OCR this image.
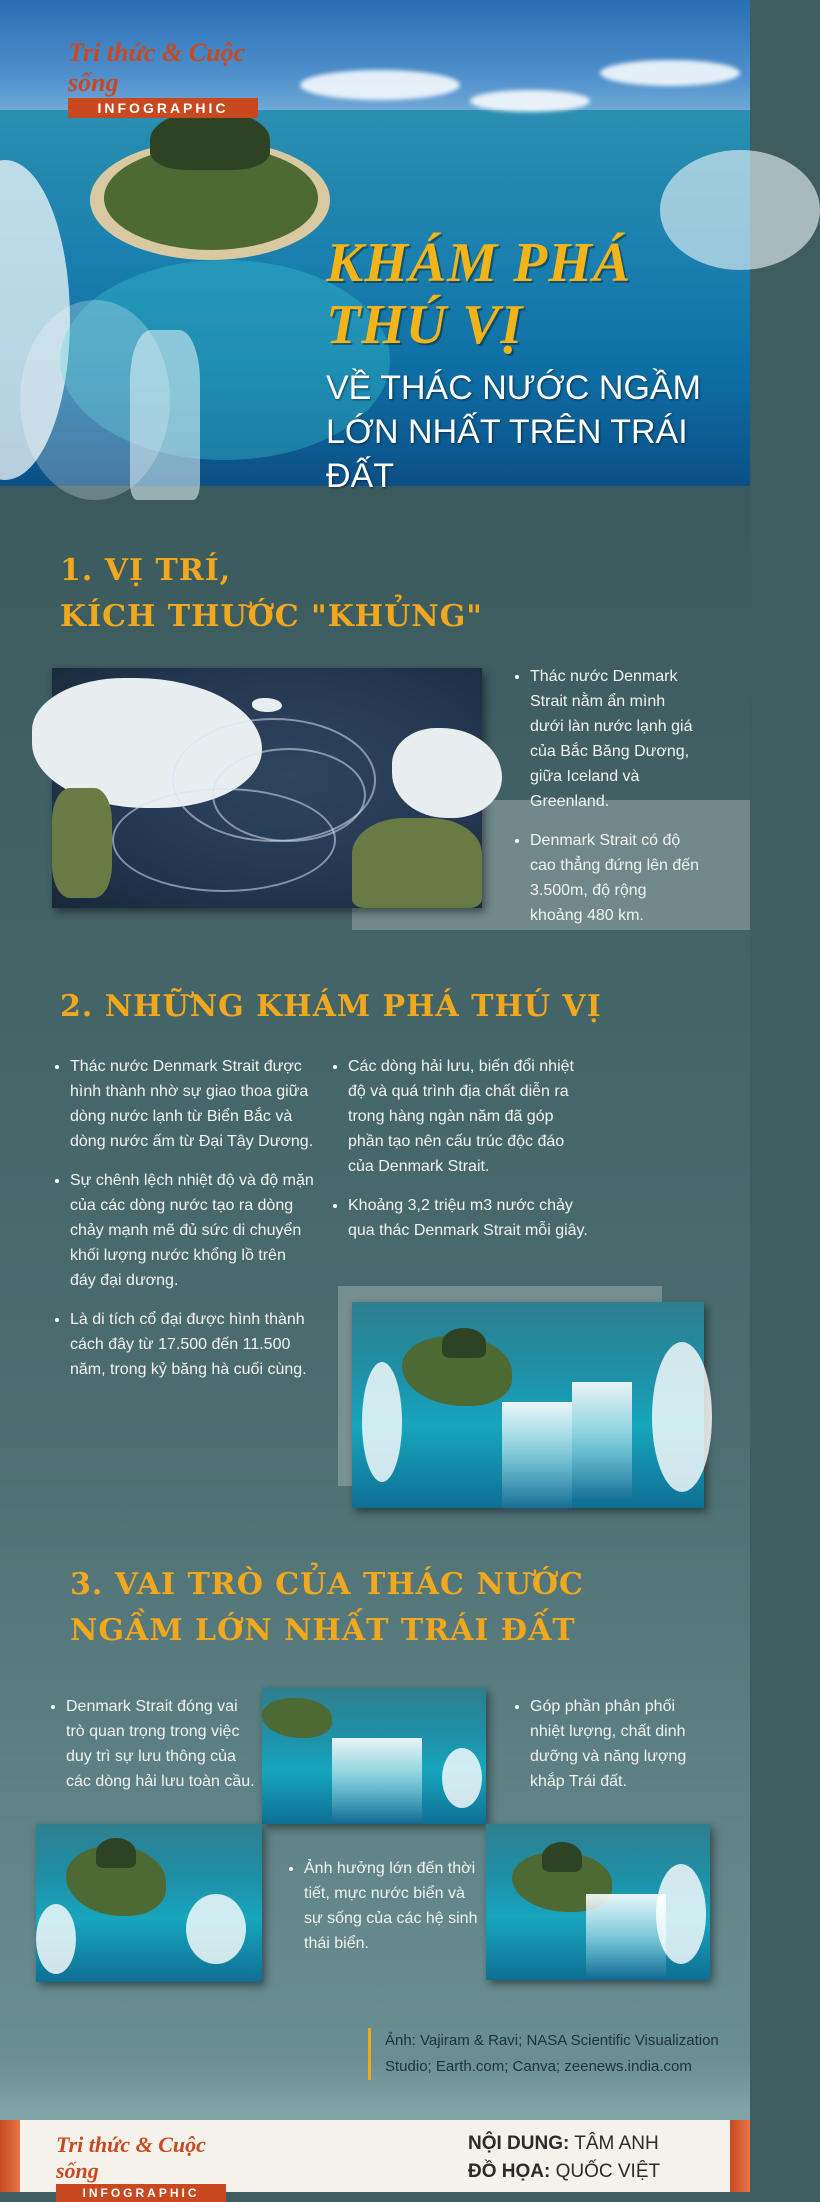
Tri thức & Cuộc sống
INFOGRAPHIC
KHÁM PHÁ
THÚ VỊ
VỀ THÁC NƯỚC NGẦM
LỚN NHẤT TRÊN TRÁI ĐẤT
1. VỊ TRÍ,
KÍCH THƯỚC "KHỦNG"
• Thác nước Denmark Strait nằm ẩn mình dưới làn nước lạnh giá của Bắc Băng Dương, giữa Iceland và Greenland.
• Denmark Strait có độ cao thẳng đứng lên đến 3.500m, độ rộng khoảng 480 km.
2. NHỮNG KHÁM PHÁ THÚ VỊ
• Thác nước Denmark Strait được hình thành nhờ sự giao thoa giữa dòng nước lạnh từ Biển Bắc và dòng nước ấm từ Đại Tây Dương.
• Sự chênh lệch nhiệt độ và độ mặn của các dòng nước tạo ra dòng chảy mạnh mẽ đủ sức di chuyển khối lượng nước khổng lồ trên đáy đại dương.
• Là di tích cổ đại được hình thành cách đây từ 17.500 đến 11.500 năm, trong kỷ băng hà cuối cùng.
• Các dòng hải lưu, biến đổi nhiệt độ và quá trình địa chất diễn ra trong hàng ngàn năm đã góp phần tạo nên cấu trúc độc đáo của Denmark Strait.
• Khoảng 3,2 triệu m3 nước chảy qua thác Denmark Strait mỗi giây.
3. VAI TRÒ CỦA THÁC NƯỚC
NGẦM LỚN NHẤT TRÁI ĐẤT
• Denmark Strait đóng vai trò quan trọng trong việc duy trì sự lưu thông của các dòng hải lưu toàn cầu.
• Góp phần phân phối nhiệt lượng, chất dinh dưỡng và năng lượng khắp Trái đất.
• Ảnh hưởng lớn đến thời tiết, mực nước biển và sự sống của các hệ sinh thái biển.
Ảnh: Vajiram & Ravi; NASA Scientific Visualization Studio; Earth.com; Canva; zeenews.india.com
Tri thức & Cuộc sống
INFOGRAPHIC
NỘI DUNG: TÂM ANH
ĐỒ HỌA: QUỐC VIỆT
